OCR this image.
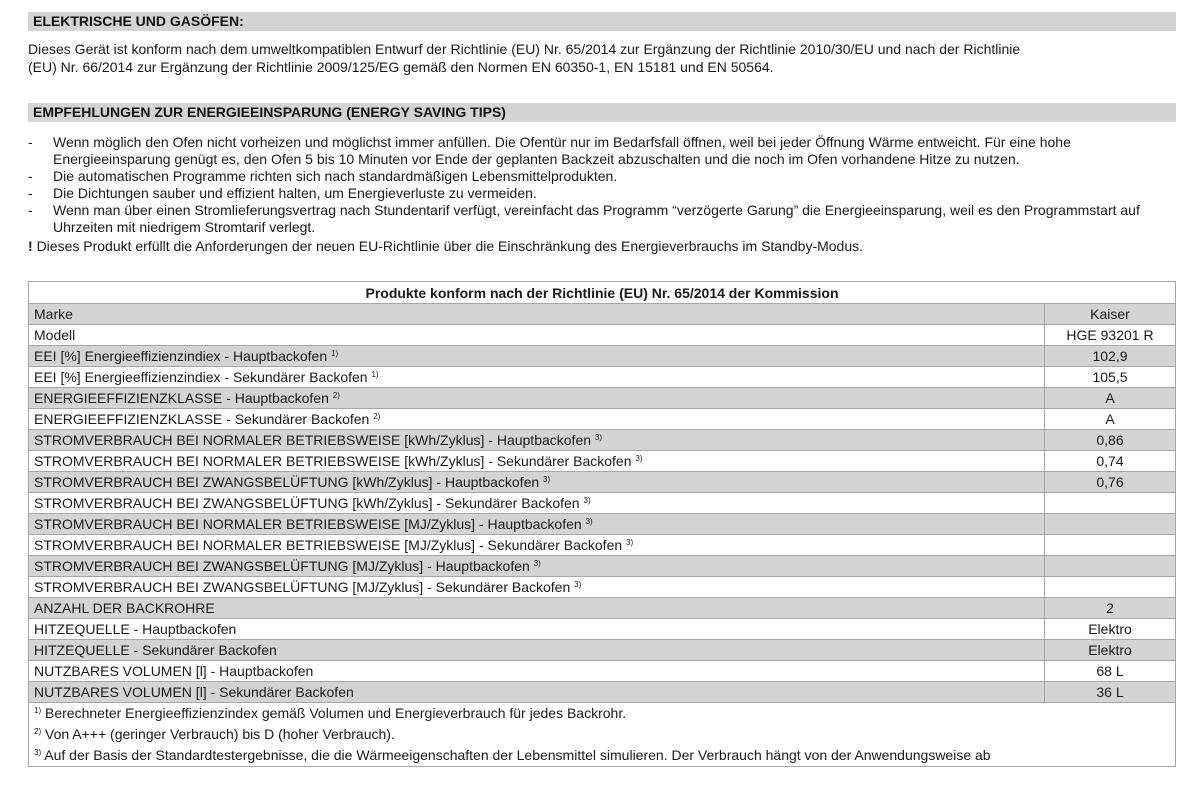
ELEKTRISCHE UND GASÖFEN:

Dieses Gerät ist konform nach dem umweltkompatiblen Entwurf der Richtlinie (EU) Nr. 65/2014 zur Ergänzung der Richtlinie 2010/30/EU und nach der Richtlinie

(EU) Nr. 66/2014 zur Ergänzung der Richtlinie 2009/125/EG gemäß den Normen EN 60350-1, EN 15181 und EN 50564.

EMPFEHLUNGEN ZUR ENERGIEEINSPARUNG (ENERGY SAVING TIPS)
- Wenn möglich den Ofen nicht vorheizen und möglichst immer anfüllen. Die Ofentür nur im Bedarfsfall öffnen, weil bei jeder Öffnung Wärme entweicht. Für eine hohe Energieeinsparung genügt es, den Ofen 5 bis 10 Minuten vor Ende der geplanten Backzeit abzuschalten und die noch im Ofen vorhandene Hitze zu nutzen.
- Die automatischen Programme richten sich nach standardmäßigen Lebensmittelprodukten.
- Die Dichtungen sauber und effizient halten, um Energieverluste zu vermeiden.
- Wenn man über einen Stromlieferungsvertrag nach Stundentarif verfügt, vereinfacht das Programm “verzögerte Garung” die Energieeinsparung, weil es den Programmstart auf Uhrzeiten mit niedrigem Stromtarif verlegt.
! Dieses Produkt erfüllt die Anforderungen der neuen EU-Richtlinie über die Einschränkung des Energieverbrauchs im Standby-Modus.
Produkte konform nach der Richtlinie (EU) Nr. 65/2014 der Kommission	
Marke	Kaiser
Modell	HGE 93201 R
EEI [%] Energieeffizienzindiex - Hauptbackofen $^{1)}$	102,9
EEI [%] Energieeffizienzindiex - Sekundärer Backofen $^{1)}$	105,5
ENERGIEEFFIZIENZKLASSE - Hauptbackofen $^{2)}$	A
ENERGIEEFFIZIENZKLASSE - Sekundärer Backofen $^{2)}$	A
STROMVERBRAUCH BEI NORMALER BETRIEBSWEISE [kWh/Zyklus] - Hauptbackofen $^{3)}$	0,86
STROMVERBRAUCH BEI NORMALER BETRIEBSWEISE [kWh/Zyklus] - Sekundärer Backofen $^{3)}$	0,74
STROMVERBRAUCH BEI ZWANGSBELÜFTUNG [kWh/Zyklus] - Hauptbackofen $^{3)}$	0,76
STROMVERBRAUCH BEI ZWANGSBELÜFTUNG [kWh/Zyklus] - Sekundärer Backofen $^{3)}$	
STROMVERBRAUCH BEI NORMALER BETRIEBSWEISE [MJ/Zyklus] - Hauptbackofen $^{3)}$	
STROMVERBRAUCH BEI NORMALER BETRIEBSWEISE [MJ/Zyklus] - Sekundärer Backofen $^{3)}$	
STROMVERBRAUCH BEI ZWANGSBELÜFTUNG [MJ/Zyklus] - Hauptbackofen $^{3)}$	
STROMVERBRAUCH BEI ZWANGSBELÜFTUNG [MJ/Zyklus] - Sekundärer Backofen $^{3)}$	
ANZAHL DER BACKROHRE	2
HITZEQUELLE - Hauptbackofen	Elektro
HITZEQUELLE - Sekundärer Backofen	Elektro
NUTZBARES VOLUMEN [l] - Hauptbackofen	68 L
NUTZBARES VOLUMEN [l] - Sekundärer Backofen	36 L

$^{1)}$ Berechneter Energieeffizienzindex gemäß Volumen und Energieverbrauch für jedes Backrohr.
$^{2)}$ Von A+++ (geringer Verbrauch) bis D (hoher Verbrauch).
$^{3)}$ Auf der Basis der Standardtestergebnisse, die die Wärmeeigenschaften der Lebensmittel simulieren. Der Verbrauch hängt von der Anwendungsweise ab	
